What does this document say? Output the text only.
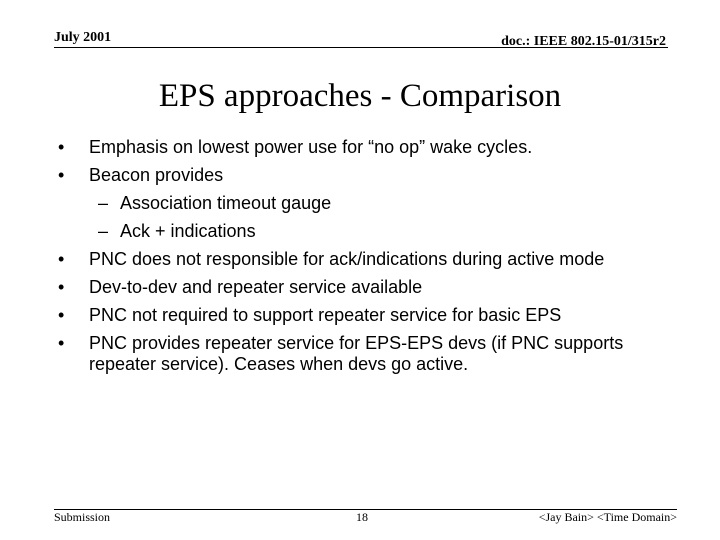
July 2001	doc.: IEEE 802.15-01/315r2
EPS approaches - Comparison
•	Emphasis on lowest power use for “no op” wake cycles.
•	Beacon provides
– Association timeout gauge
– Ack + indications
•	PNC does not responsible for ack/indications during active mode
•	Dev-to-dev and repeater service available
•	PNC not required to support repeater service for basic EPS
•	PNC provides repeater service for EPS-EPS devs (if PNC supports repeater service). Ceases when devs go active.
Submission	18	<Jay Bain> <Time Domain>
